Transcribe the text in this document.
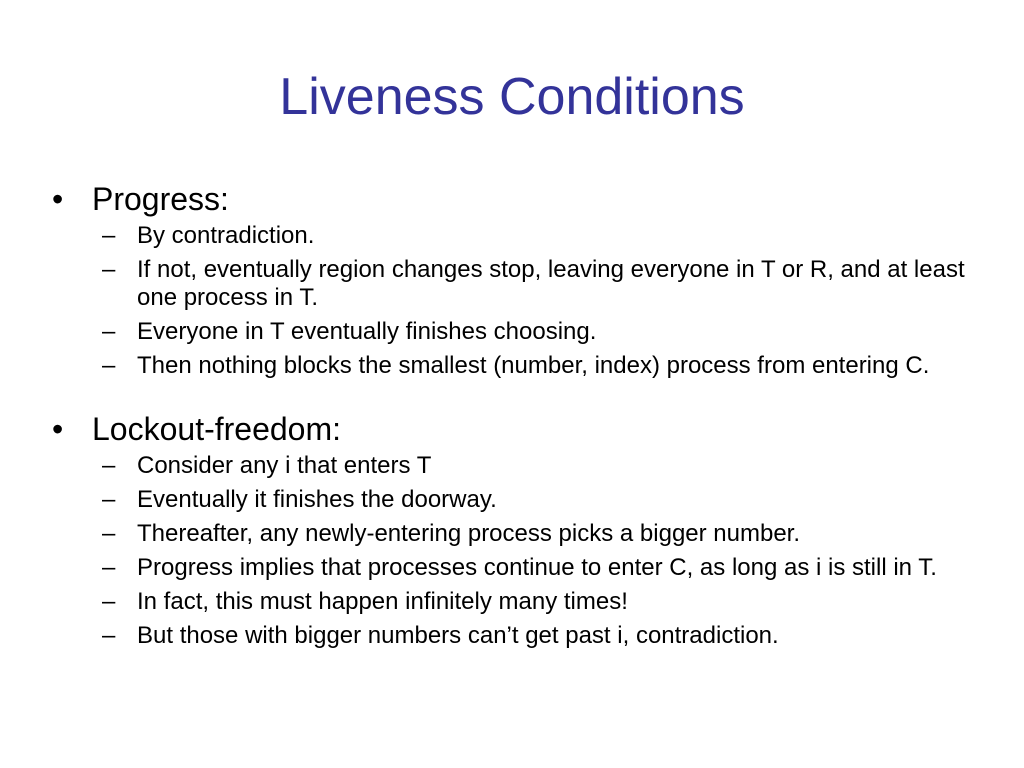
Liveness Conditions
• Progress:
– By contradiction.
– If not, eventually region changes stop, leaving everyone in T or R, and at least one process in T.
– Everyone in T eventually finishes choosing.
– Then nothing blocks the smallest (number, index) process from entering C.
• Lockout-freedom:
– Consider any i that enters T
– Eventually it finishes the doorway.
– Thereafter, any newly-entering process picks a bigger number.
– Progress implies that processes continue to enter C, as long as i is still in T.
– In fact, this must happen infinitely many times!
– But those with bigger numbers can’t get past i, contradiction.
